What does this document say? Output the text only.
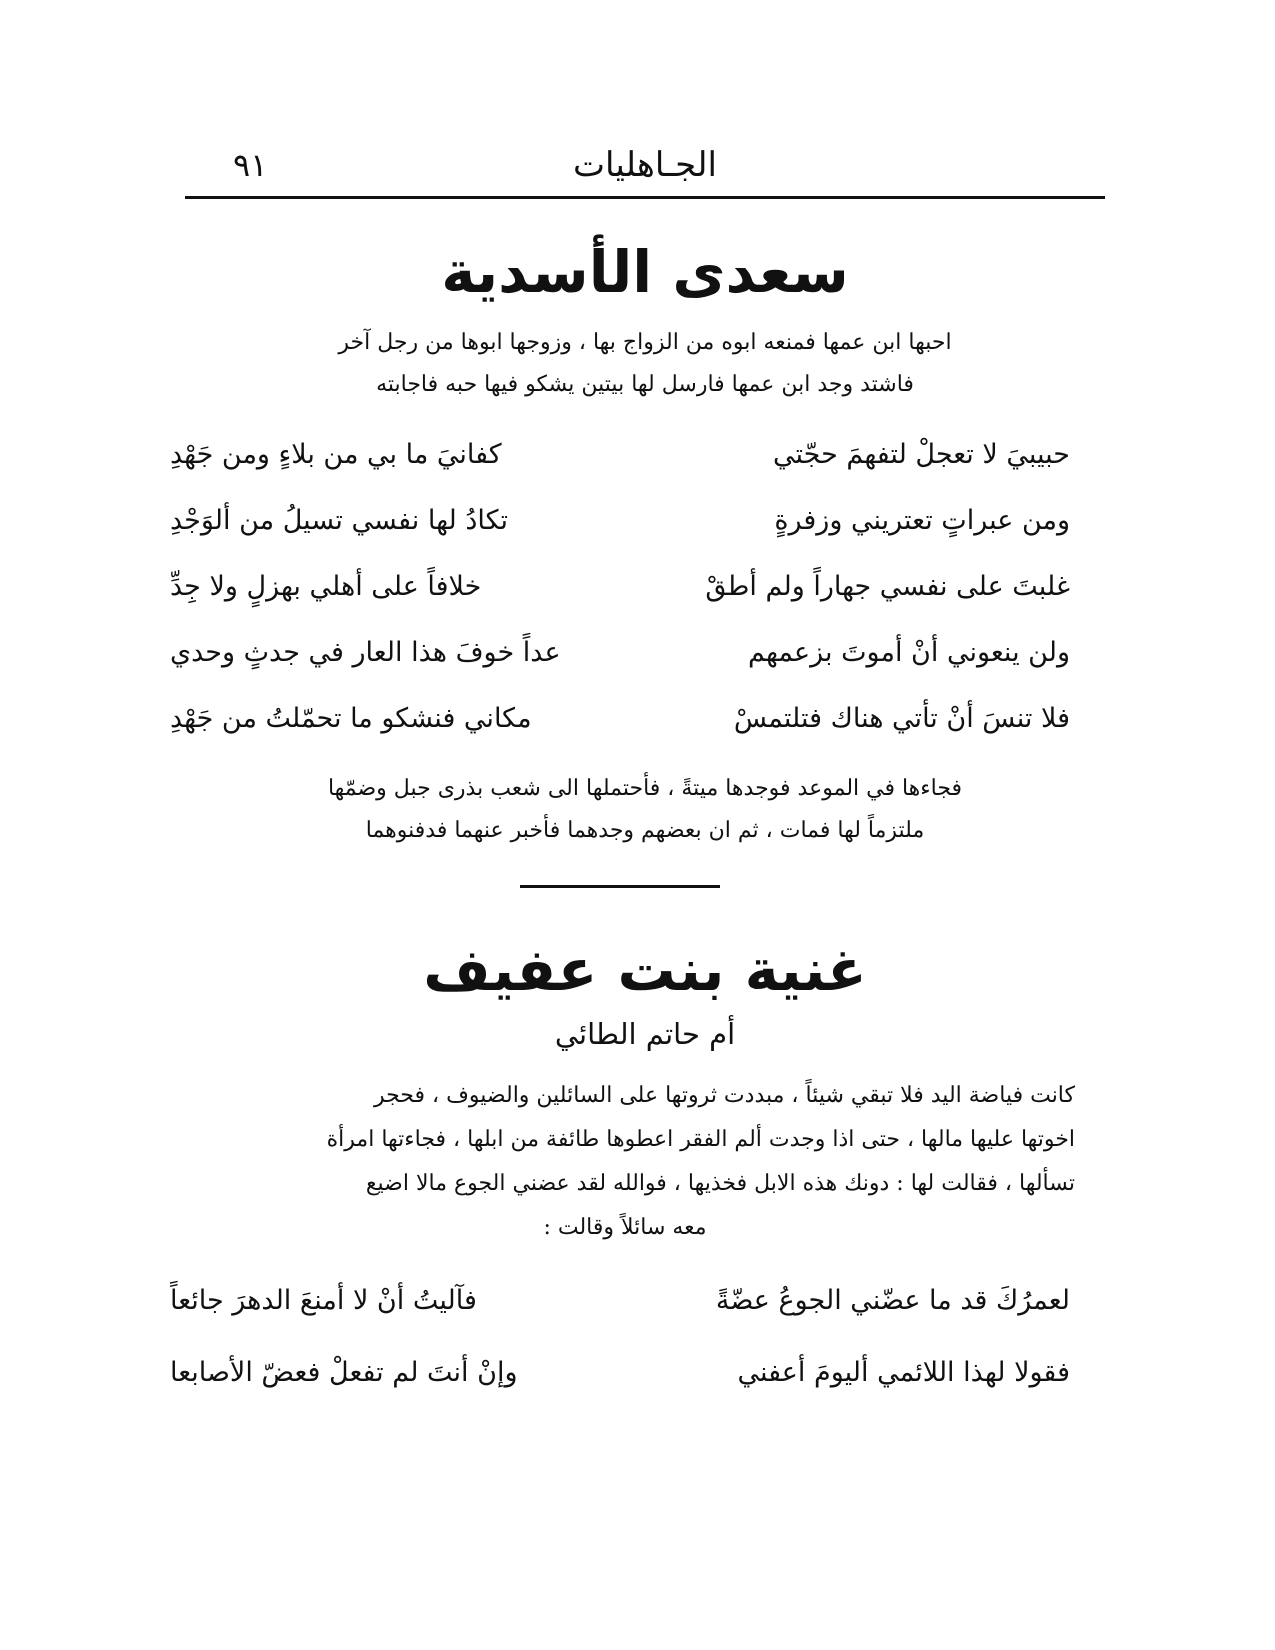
الجـاهليات
٩١
سعدى الأسدية
احبها ابن عمها فمنعه ابوه من الزواج بها ، وزوجها ابوها من رجل آخر
فاشتد وجد ابن عمها فارسل لها بيتين يشكو فيها حبه فاجابته
حبيبيَ لا تعجلْ لتفهمَ حجّتي
كفانيَ ما بي من بلاءٍ ومن جَهْدِ
ومن عبراتٍ تعتريني وزفرةٍ
تكادُ لها نفسي تسيلُ من ألوَجْدِ
غلبتَ على نفسي جهاراً ولم أطقْ
خلافاً على أهلي بهزلٍ ولا جِدِّ
ولن ينعوني أنْ أموتَ بزعمهم
عداً خوفَ هذا العار في جدثٍ وحدي
فلا تنسَ أنْ تأتي هناك فتلتمسْ
مكاني فنشكو ما تحمّلتُ من جَهْدِ
فجاءها في الموعد فوجدها ميتةً ، فأحتملها الى شعب بذرى جبل وضمّها
ملتزماً لها فمات ، ثم ان بعضهم وجدهما فأخبر عنهما فدفنوهما
غنية بنت عفيف
أم حاتم الطائي
كانت فياضة اليد فلا تبقي شيئاً ، مبددت ثروتها على السائلين والضيوف ، فحجر
اخوتها عليها مالها ، حتى اذا وجدت ألم الفقر اعطوها طائفة من ابلها ، فجاءتها امرأة
تسألها ، فقالت لها : دونك هذه الابل فخذيها ، فوالله لقد عضني الجوع مالا اضيع
معه سائلاً وقالت :
لعمرُكَ قد ما عضّني الجوعُ عضّةً
فآليتُ أنْ لا أمنعَ الدهرَ جائعاً
فقولا لهذا اللائمي أليومَ أعفني
وإنْ أنتَ لم تفعلْ فعضّ الأصابعا
